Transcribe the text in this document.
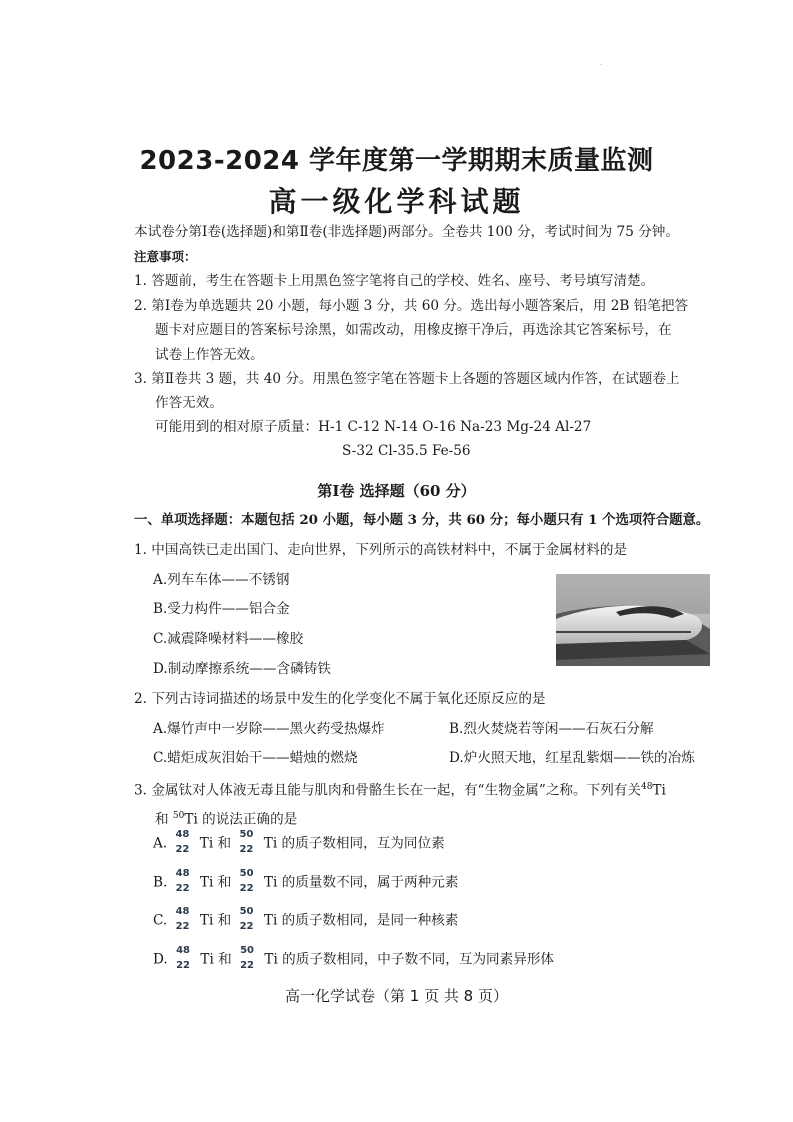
.
2023-2024 学年度第一学期期末质量监测
高一级化学科试题
本试卷分第Ⅰ卷(选择题)和第Ⅱ卷(非选择题)两部分。全卷共 100 分，考试时间为 75 分钟。
注意事项：
1. 答题前，考生在答题卡上用黑色签字笔将自己的学校、姓名、座号、考号填写清楚。
2. 第Ⅰ卷为单选题共 20 小题，每小题 3 分，共 60 分。选出每小题答案后，用 2B 铅笔把答
题卡对应题目的答案标号涂黑，如需改动，用橡皮擦干净后，再选涂其它答案标号，在
试卷上作答无效。
3. 第Ⅱ卷共 3 题，共 40 分。用黑色签字笔在答题卡上各题的答题区域内作答，在试题卷上
作答无效。
可能用到的相对原子质量：H-1 C-12 N-14 O-16 Na-23 Mg-24 Al-27
S-32 Cl-35.5 Fe-56
第Ⅰ卷 选择题（60 分）
一、单项选择题：本题包括 20 小题，每小题 3 分，共 60 分；每小题只有 1 个选项符合题意。
1. 中国高铁已走出国门、走向世界，下列所示的高铁材料中，不属于金属材料的是
A.列车车体——不锈钢
B.受力构件——铝合金
C.减震降噪材料——橡胶
D.制动摩擦系统——含磷铸铁
2. 下列古诗词描述的场景中发生的化学变化不属于氧化还原反应的是
A.爆竹声中一岁除——黑火药受热爆炸	B.烈火焚烧若等闲——石灰石分解
C.蜡炬成灰泪始干——蜡烛的燃烧	D.炉火照天地，红星乱紫烟——铁的冶炼
3. 金属钛对人体液无毒且能与肌肉和骨骼生长在一起，有“生物金属”之称。下列有关$^{48}$Ti
和 $^{50}$Ti 的说法正确的是
A.
48
22 Ti 和
50
22 Ti 的质子数相同，互为同位素
B.
48
22 Ti 和
50
22 Ti 的质量数不同，属于两种元素
C.
48
22 Ti 和
50
22 Ti 的质子数相同，是同一种核素
D.
48
22 Ti 和
50
22 Ti 的质子数相同，中子数不同，互为同素异形体
高一化学试卷（第 1 页 共 8 页）
